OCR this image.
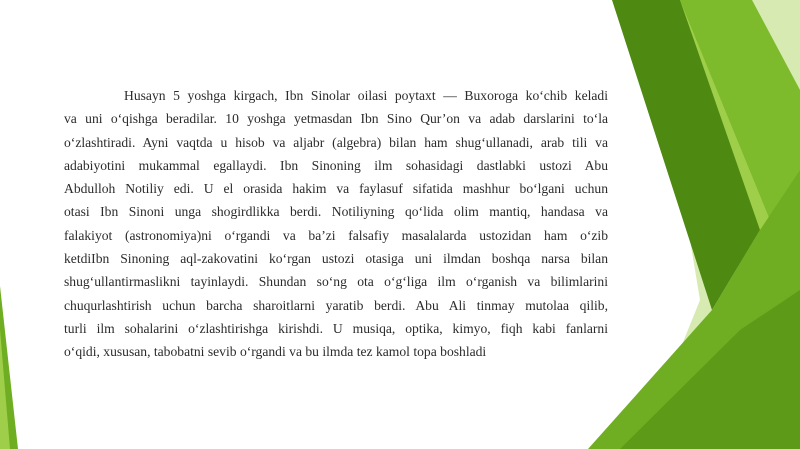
Husayn 5 yoshga kirgach, Ibn Sinolar oilasi poytaxt — Buxoroga ko‘chib keladi
va uni o‘qishga beradilar. 10 yoshga yetmasdan Ibn Sino Qur’on va adab darslarini to‘la
o‘zlashtiradi. Ayni vaqtda u hisob va aljabr (algebra) bilan ham shug‘ullanadi, arab tili va
adabiyotini mukammal egallaydi. Ibn Sinoning ilm sohasidagi dastlabki ustozi Abu
Abdulloh Notiliy edi. U el orasida hakim va faylasuf sifatida mashhur bo‘lgani uchun
otasi Ibn Sinoni unga shogirdlikka berdi. Notiliyning qo‘lida olim mantiq, handasa va
falakiyot (astronomiya)ni o‘rgandi va ba’zi falsafiy masalalarda ustozidan ham o‘zib
ketdiIbn Sinoning aql-zakovatini ko‘rgan ustozi otasiga uni ilmdan boshqa narsa bilan
shug‘ullantirmaslikni tayinlaydi. Shundan so‘ng ota o‘g‘liga ilm o‘rganish va bilimlarini
chuqurlashtirish uchun barcha sharoitlarni yaratib berdi. Abu Ali tinmay mutolaa qilib,
turli ilm sohalarini o‘zlashtirishga kirishdi. U musiqa, optika, kimyo, fiqh kabi fanlarni
o‘qidi, xususan, tabobatni sevib o‘rgandi va bu ilmda tez kamol topa boshladi
